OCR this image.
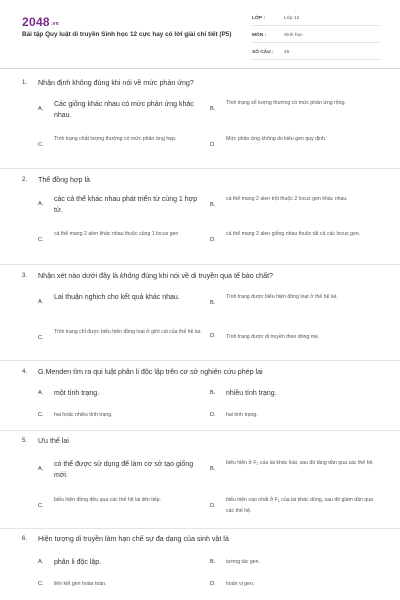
2048.vn
Bài tập Quy luật di truyền Sinh học 12 cực hay có lời giải chi tiết (P5)
LỚP :	Lớp 12
MÔN :	Sinh học
SỐ CÂU : 45
1. Nhận định không đúng khi nói về mức phản ứng?
A.
Các giống khác nhau có mức phản ứng khác nhau.
B.
Tính trạng số lượng thường có mức phản ứng rộng.
C.
Tính trạng chất lượng thường có mức phản ứng hẹp.
D.
Mức phản ứng không do kiểu gen quy định.
2. Thể đồng hợp là
A.
các cá thể khác nhau phát triển từ cùng 1 hợp tử.
B.
cá thể mang 2 alen trội thuộc 2 locus gen khác nhau.
C.
cá thể mang 2 alen khác nhau thuộc cùng 1 locus gen
D.
cá thể mang 2 alen giống nhau thuộc tất cả các locus gen.
3. Nhận xét nào dưới đây là không đúng khi nói về di truyền qua tế bào chất?
A.
Lai thuận nghịch cho kết quả khác nhau.
B.
Tính trạng được biểu hiện đồng loạt ở thế hệ lai.
C.
Tính trạng chỉ được biểu hiện đồng loạt ở giới cái của thế hệ lai.
D. Tính trạng được di truyền theo dòng mẹ.
4. G.Menden tìm ra qui luật phân li độc lập trên cơ sở nghiên cứu phép lai
A. một tính trạng.	B. nhiều tính trạng.
C. hai hoặc nhiều tính trạng.	D. hai tính trạng.
5. Ưu thế lai
A.
có thể được sử dụng để làm cơ sở tạo giống mới.
B.
biểu hiện ở $F_1$ của lai khác loài, sau đó tăng dần qua các thế hệ.
C.
biểu hiện đồng đều qua các thế hệ lai liên tiếp.
D.
biểu hiện cao nhất ở $F_1$ của lai khác dòng, sau đó giảm dần qua các thế hệ.
6. Hiện tượng di truyền làm hạn chế sự đa dạng của sinh vật là
A. phân li độc lập.	B. tương tác gen.
C. liên kết gen hoàn toàn.	D. hoán vị gen.
